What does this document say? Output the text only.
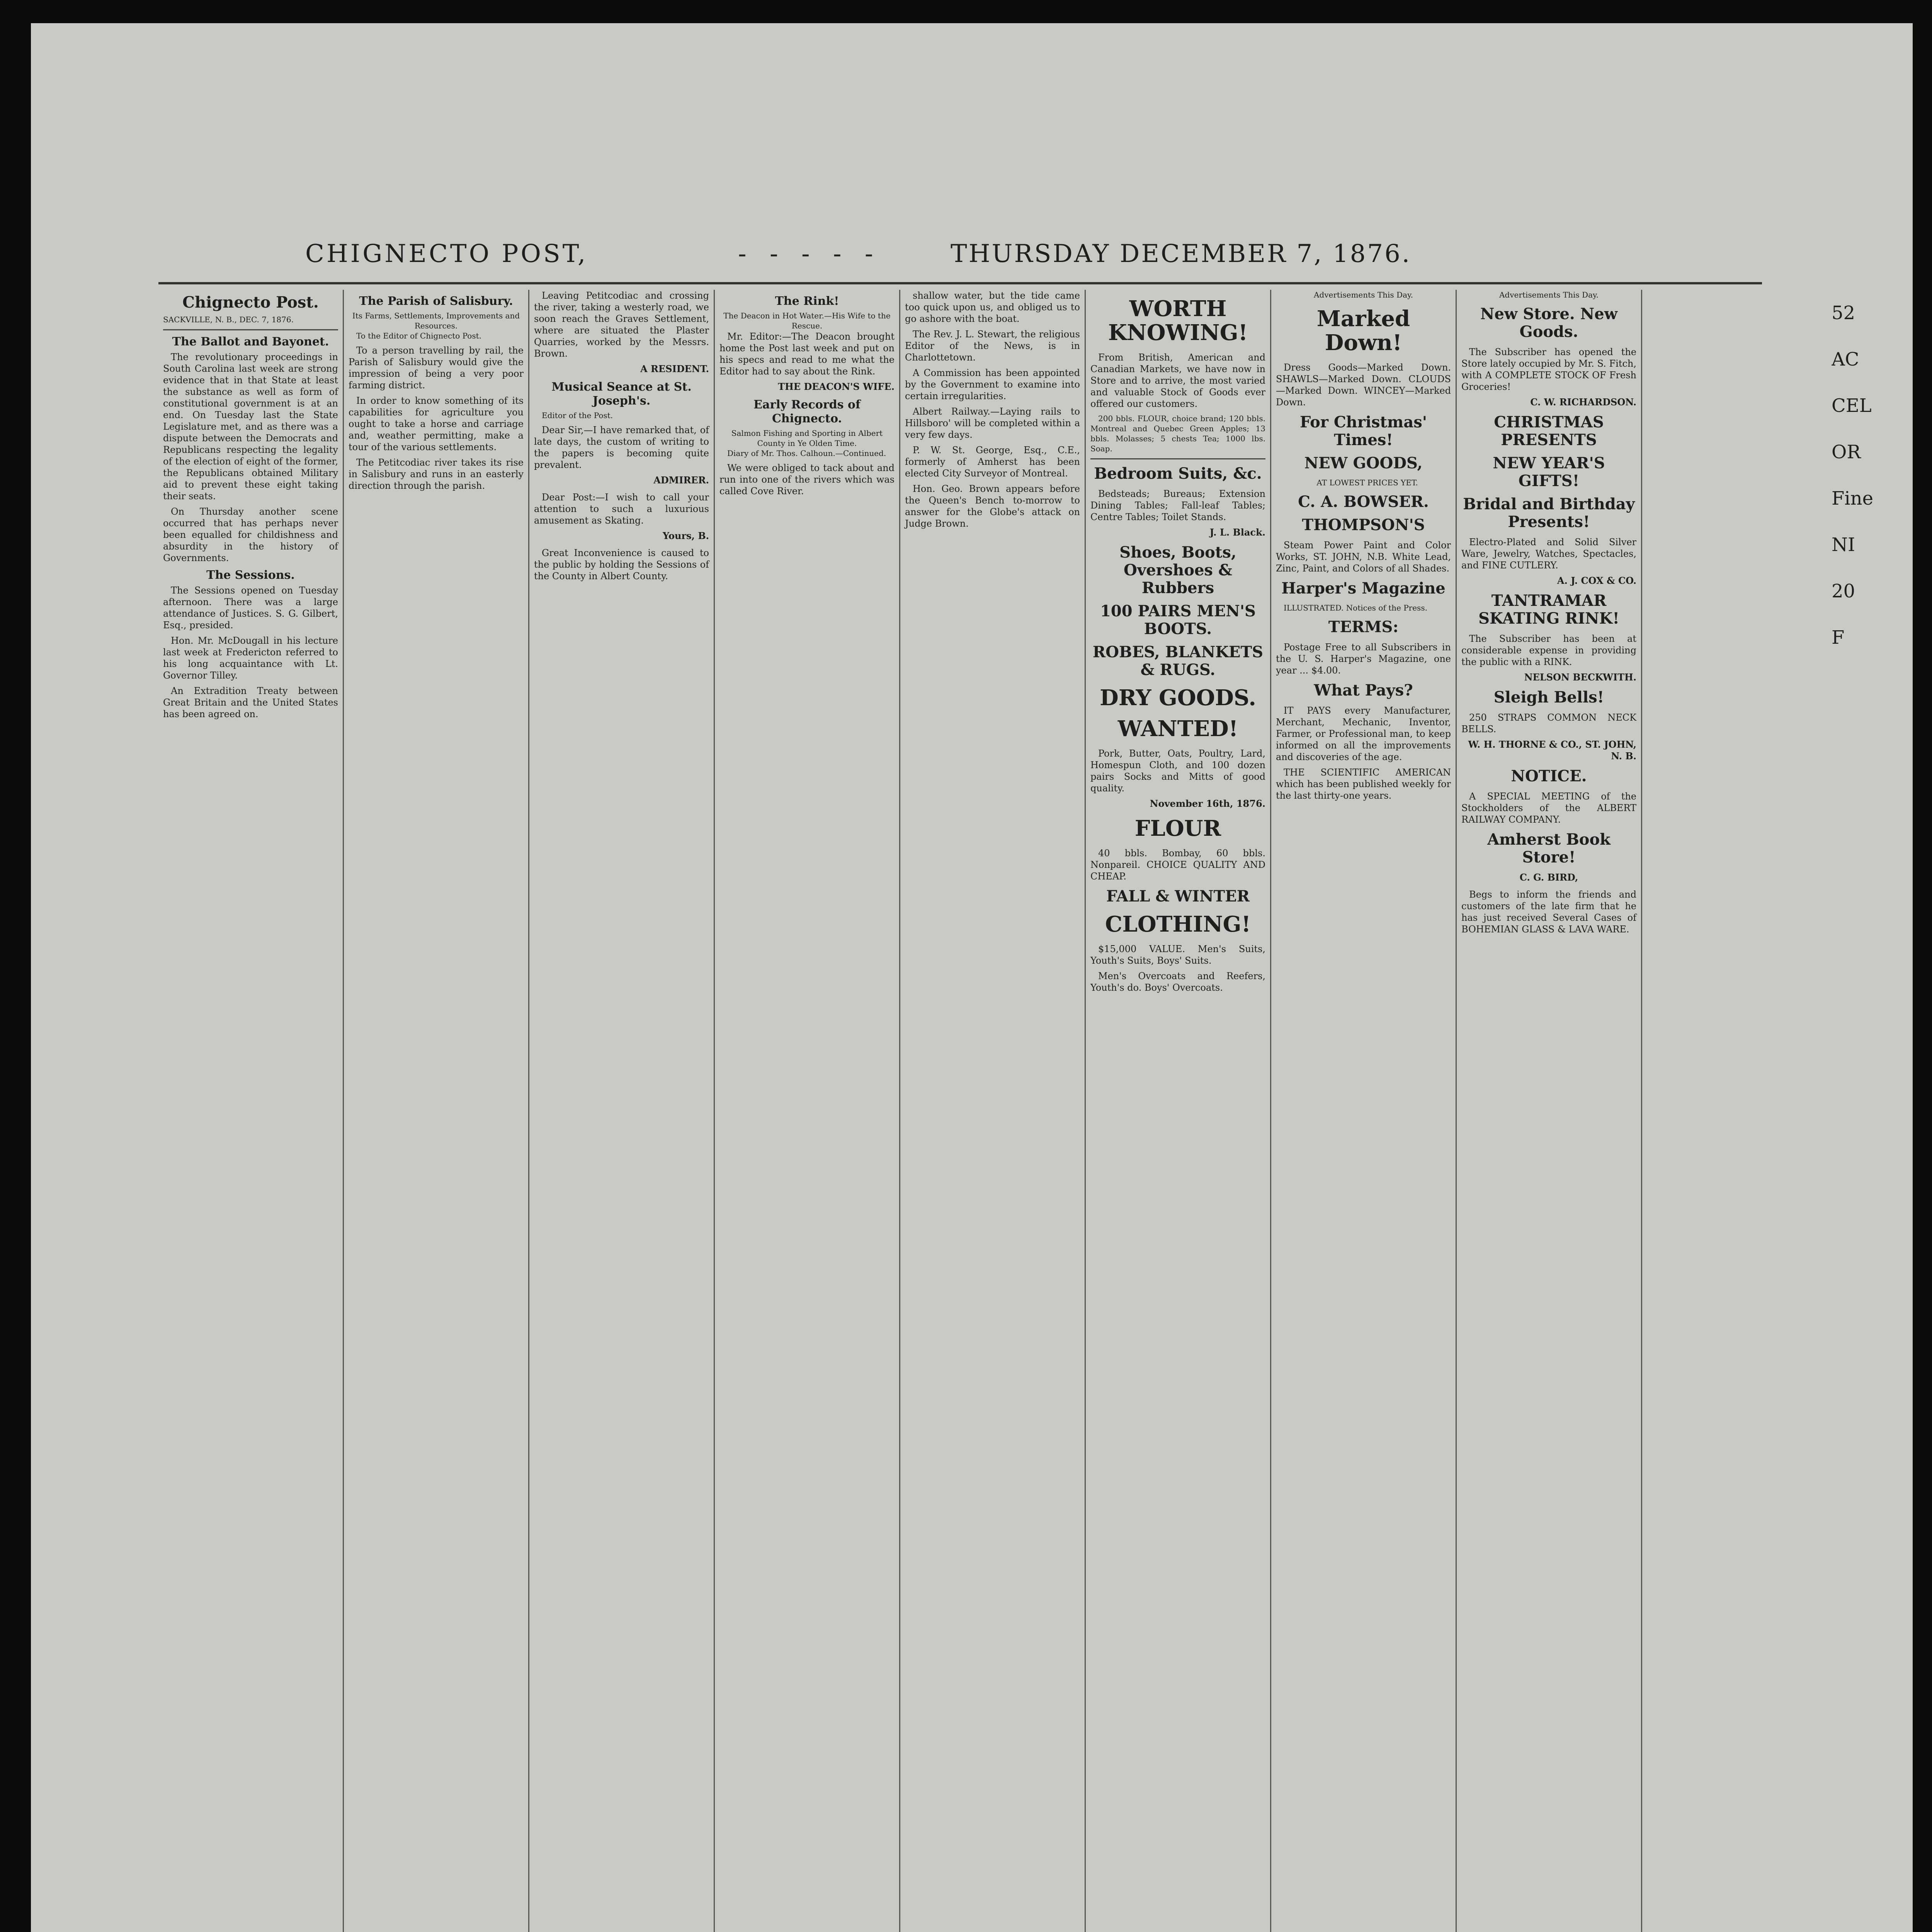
CHIGNECTO POST,	- - - - -	THURSDAY DECEMBER 7, 1876.
Chignecto Post.
SACKVILLE, N. B., DEC. 7, 1876.
The Ballot and Bayonet.

The revolutionary proceedings in South Carolina last week are strong evidence that in that State at least the substance as well as form of constitutional government is at an end. On Tuesday last the State Legislature met, and as there was a dispute between the Democrats and Republicans respecting the legality of the election of eight of the former, the Republicans obtained Military aid to prevent these eight taking their seats.

On Thursday another scene occurred that has perhaps never been equalled for childishness and absurdity in the history of Governments.

The Sessions.

The Sessions opened on Tuesday afternoon. There was a large attendance of Justices. S. G. Gilbert, Esq., presided.

Hon. Mr. McDougall in his lecture last week at Fredericton referred to his long acquaintance with Lt. Governor Tilley.

An Extradition Treaty between Great Britain and the United States has been agreed on.

The Parish of Salisbury.
Its Farms, Settlements, Improvements and Resources.

To the Editor of Chignecto Post.

To a person travelling by rail, the Parish of Salisbury would give the impression of being a very poor farming district.

In order to know something of its capabilities for agriculture you ought to take a horse and carriage and, weather permitting, make a tour of the various settlements.

The Petitcodiac river takes its rise in Salisbury and runs in an easterly direction through the parish.

Leaving Petitcodiac and crossing the river, taking a westerly road, we soon reach the Graves Settlement, where are situated the Plaster Quarries, worked by the Messrs. Brown.

A RESIDENT.
Musical Seance at St. Joseph's.

Editor of the Post.

Dear Sir,—I have remarked that, of late days, the custom of writing to the papers is becoming quite prevalent.

ADMIRER.

Dear Post:—I wish to call your attention to such a luxurious amusement as Skating.

Yours, B.

Great Inconvenience is caused to the public by holding the Sessions of the County in Albert County.

The Rink!
The Deacon in Hot Water.—His Wife to the Rescue.

Mr. Editor:—The Deacon brought home the Post last week and put on his specs and read to me what the Editor had to say about the Rink.

THE DEACON'S WIFE.
Early Records of Chignecto.
Salmon Fishing and Sporting in Albert County in Ye Olden Time.

Diary of Mr. Thos. Calhoun.—Continued.

We were obliged to tack about and run into one of the rivers which was called Cove River.

shallow water, but the tide came too quick upon us, and obliged us to go ashore with the boat.

The Rev. J. L. Stewart, the religious Editor of the News, is in Charlottetown.

A Commission has been appointed by the Government to examine into certain irregularities.

Albert Railway.—Laying rails to Hillsboro' will be completed within a very few days.

P. W. St. George, Esq., C.E., formerly of Amherst has been elected City Surveyor of Montreal.

Hon. Geo. Brown appears before the Queen's Bench to-morrow to answer for the Globe's attack on Judge Brown.

WORTH KNOWING!

From British, American and Canadian Markets, we have now in Store and to arrive, the most varied and valuable Stock of Goods ever offered our customers.

200 bbls. FLOUR, choice brand; 120 bbls. Montreal and Quebec Green Apples; 13 bbls. Molasses; 5 chests Tea; 1000 lbs. Soap.

Bedroom Suits, &c.

Bedsteads; Bureaus; Extension Dining Tables; Fall-leaf Tables; Centre Tables; Toilet Stands.

J. L. Black.
Shoes, Boots, Overshoes & Rubbers
100 PAIRS MEN'S BOOTS.
ROBES, BLANKETS & RUGS.
DRY GOODS.
WANTED!

Pork, Butter, Oats, Poultry, Lard, Homespun Cloth, and 100 dozen pairs Socks and Mitts of good quality.

November 16th, 1876.
FLOUR

40 bbls. Bombay, 60 bbls. Nonpareil. CHOICE QUALITY AND CHEAP.

FALL & WINTER
CLOTHING!

$15,000 VALUE. Men's Suits, Youth's Suits, Boys' Suits.

Men's Overcoats and Reefers, Youth's do. Boys' Overcoats.

Advertisements This Day.
Marked Down!

Dress Goods—Marked Down. SHAWLS—Marked Down. CLOUDS—Marked Down. WINCEY—Marked Down.

For Christmas' Times!
NEW GOODS,

AT LOWEST PRICES YET.

C. A. BOWSER.
THOMPSON'S

Steam Power Paint and Color Works, ST. JOHN, N.B. White Lead, Zinc, Paint, and Colors of all Shades.

Harper's Magazine

ILLUSTRATED. Notices of the Press.

TERMS:

Postage Free to all Subscribers in the U. S. Harper's Magazine, one year ... $4.00.

What Pays?

IT PAYS every Manufacturer, Merchant, Mechanic, Inventor, Farmer, or Professional man, to keep informed on all the improvements and discoveries of the age.

THE SCIENTIFIC AMERICAN which has been published weekly for the last thirty-one years.

Advertisements This Day.
New Store. New Goods.

The Subscriber has opened the Store lately occupied by Mr. S. Fitch, with A COMPLETE STOCK OF Fresh Groceries!

C. W. RICHARDSON.
CHRISTMAS PRESENTS
NEW YEAR'S GIFTS!
Bridal and Birthday Presents!

Electro-Plated and Solid Silver Ware, Jewelry, Watches, Spectacles, and FINE CUTLERY.

A. J. COX & CO.
TANTRAMAR SKATING RINK!

The Subscriber has been at considerable expense in providing the public with a RINK.

NELSON BECKWITH.
Sleigh Bells!

250 STRAPS COMMON NECK BELLS.

W. H. THORNE & CO., ST. JOHN, N. B.
NOTICE.

A SPECIAL MEETING of the Stockholders of the ALBERT RAILWAY COMPANY.

Amherst Book Store!
C. G. BIRD,

Begs to inform the friends and customers of the late firm that he has just received Several Cases of BOHEMIAN GLASS & LAVA WARE.

52
AC
CEL
OR
Fine
NI
20
F
